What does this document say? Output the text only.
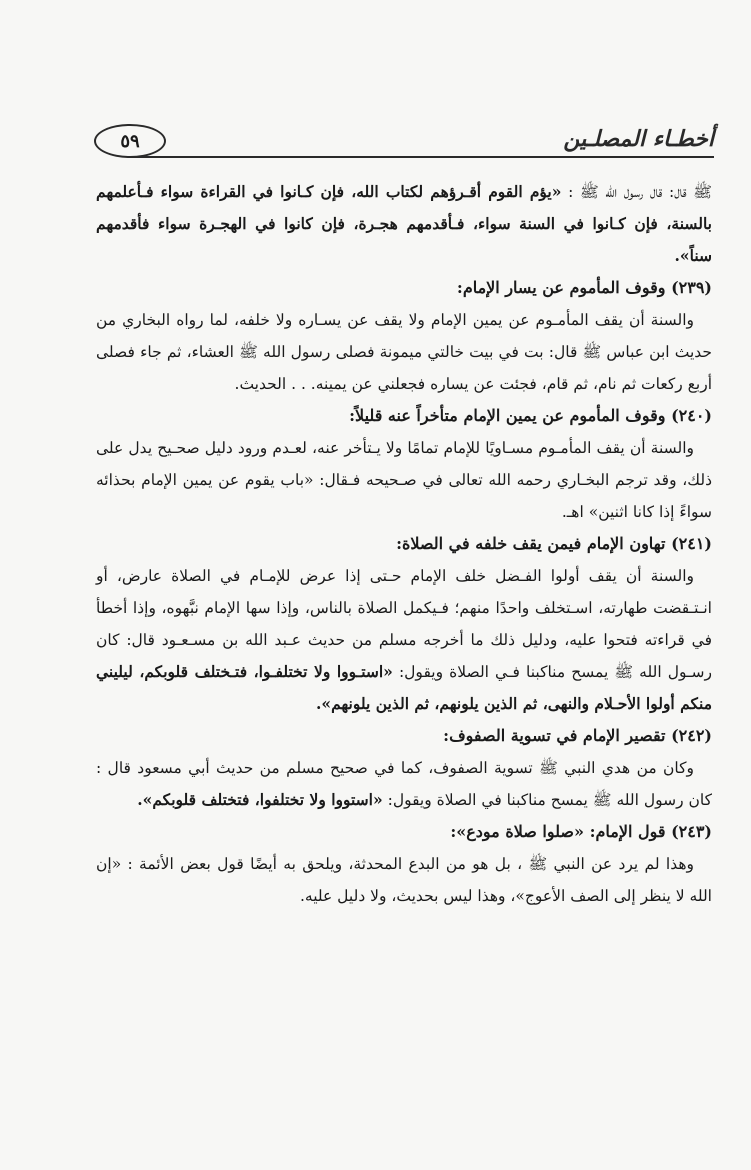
أخطـاء المصلـين
٥٩

ﷺ قال: قال رسول الله ﷺ : «يؤم القوم أقـرؤهم لكتاب الله، فإن كـانوا في القراءة سواء فـأعلمهم بالسنة، فإن كـانوا في السنة سواء، فـأقدمهم هجـرة، فإن كانوا في الهجـرة سواء فأقدمهم سناً».

(٢٣٩) وقوف المأموم عن يسار الإمام:

والسنة أن يقف المأمـوم عن يمين الإمام ولا يقف عن يسـاره ولا خلفه، لما رواه البخاري من حديث ابن عباس ﷺ قال: بت في بيت خالتي ميمونة فصلى رسول الله ﷺ العشاء، ثم جاء فصلى أربع ركعات ثم نام، ثم قام، فجئت عن يساره فجعلني عن يمينه. . . الحديث.

(٢٤٠) وقوف المأموم عن يمين الإمام متأخراً عنه قليلاً:

والسنة أن يقف المأمـوم مسـاويًا للإمام تمامًا ولا يـتأخر عنه، لعـدم ورود دليل صحـيح يدل على ذلك، وقد ترجم البخـاري رحمه الله تعالى في صـحيحه فـقال: «باب يقوم عن يمين الإمام بحذائه سواءً إذا كانا اثنين» اهـ.

(٢٤١) تهاون الإمام فيمن يقف خلفه في الصلاة:

والسنة أن يقف أولوا الفـضل خلف الإمام حـتى إذا عرض للإمـام في الصلاة عارض، أو انـتـقضت طهارته، اسـتخلف واحدًا منهم؛ فـيكمل الصلاة بالناس، وإذا سها الإمام نبَّهوه، وإذا أخطأ في قراءته فتحوا عليه، ودليل ذلك ما أخرجه مسلم من حديث عـبد الله بن مسـعـود قال: كان رسـول الله ﷺ يمسح مناكبنا فـي الصلاة ويقول: «استـووا ولا تختلفـوا، فتـختلف قلوبكم، ليليني منكم أولوا الأحـلام والنهى، ثم الذين يلونهم، ثم الذين يلونهم».

(٢٤٢) تقصير الإمام في تسوية الصفوف:

وكان من هدي النبي ﷺ تسوية الصفوف، كما في صحيح مسلم من حديث أبي مسعود قال : كان رسول الله ﷺ يمسح مناكبنا في الصلاة ويقول: «استووا ولا تختلفوا، فتختلف قلوبكم».

(٢٤٣) قول الإمام: «صلوا صلاة مودع»:

وهذا لم يرد عن النبي ﷺ ، بل هو من البدع المحدثة، ويلحق به أيضًا قول بعض الأئمة : «إن الله لا ينظر إلى الصف الأعوج»، وهذا ليس بحديث، ولا دليل عليه.
